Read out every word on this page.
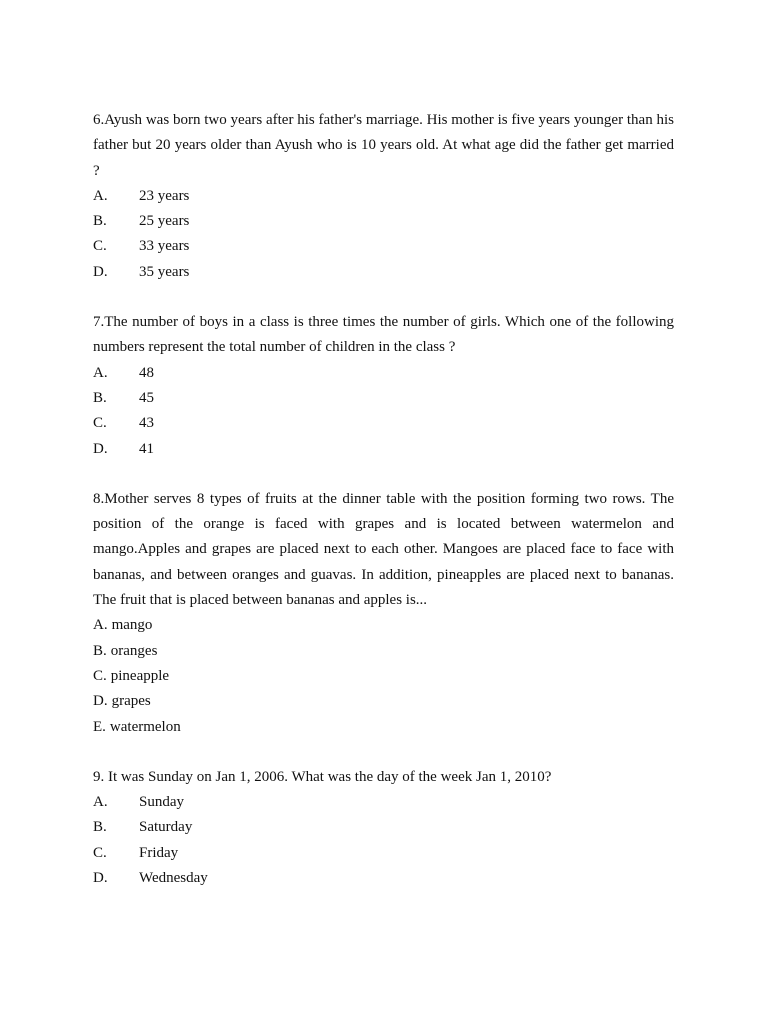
6.Ayush was born two years after his father's marriage. His mother is five years younger than his father but 20 years older than Ayush who is 10 years old. At what age did the father get married ?

A. 23 years
B. 25 years
C. 33 years
D. 35 years

7.The number of boys in a class is three times the number of girls. Which one of the following numbers represent the total number of children in the class ?

A. 48
B. 45
C. 43
D. 41

8.Mother serves 8 types of fruits at the dinner table with the position forming two rows. The position of the orange is faced with grapes and is located between watermelon and mango.Apples and grapes are placed next to each other. Mangoes are placed face to face with bananas, and between oranges and guavas. In addition, pineapples are placed next to bananas. The fruit that is placed between bananas and apples is...

A. mango
B. oranges
C. pineapple
D. grapes
E. watermelon

9. It was Sunday on Jan 1, 2006. What was the day of the week Jan 1, 2010?

A. Sunday
B. Saturday
C. Friday
D. Wednesday
